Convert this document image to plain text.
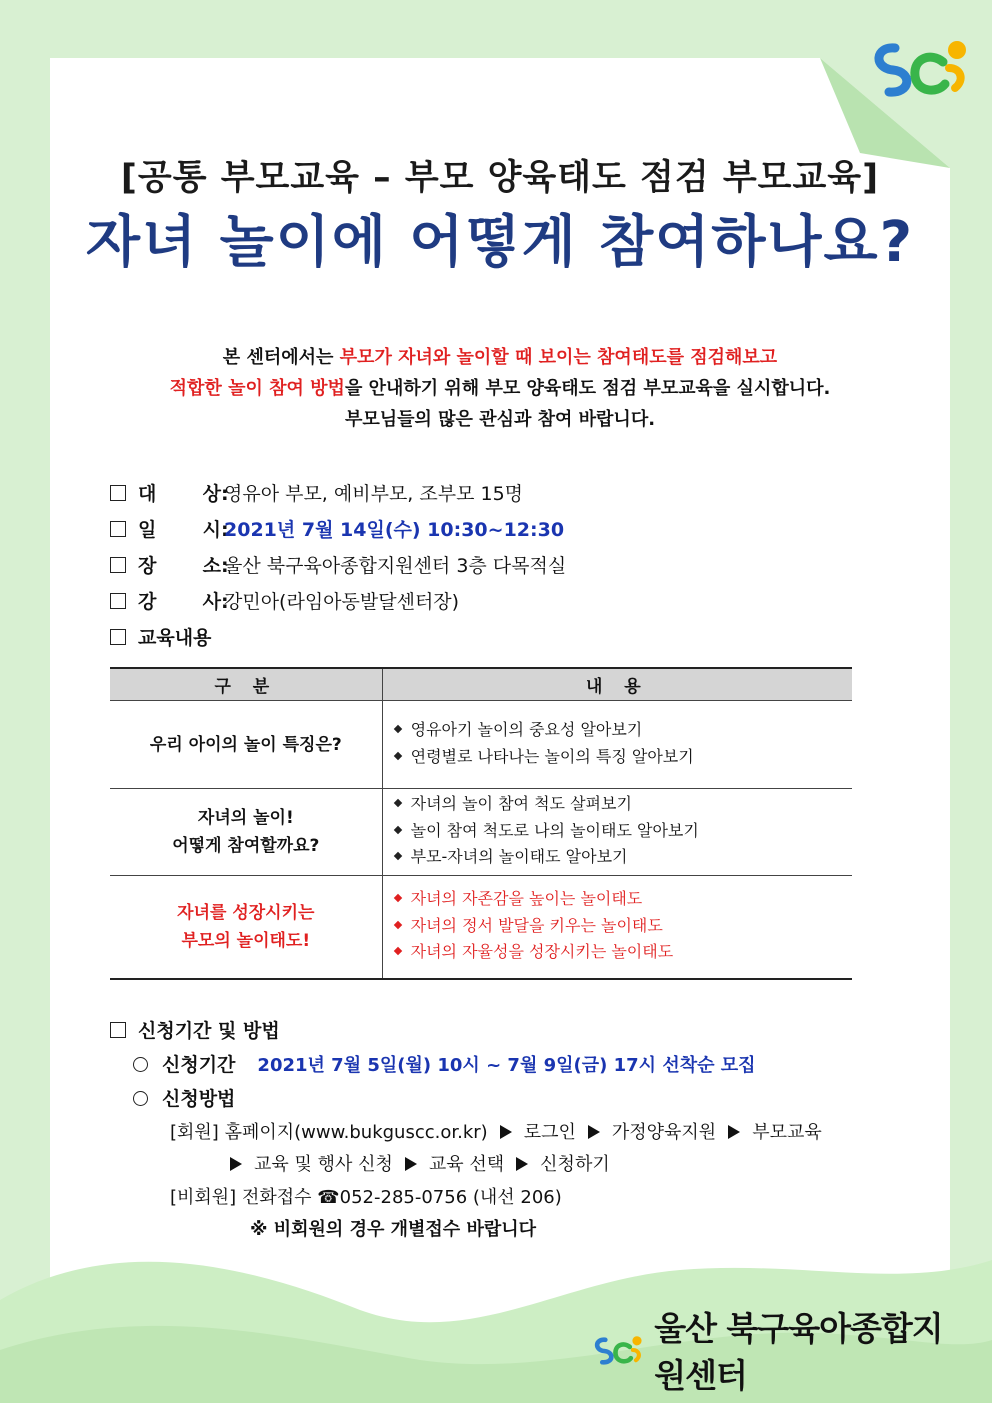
[공통 부모교육 – 부모 양육태도 점검 부모교육]
자녀 놀이에 어떻게 참여하나요?
본 센터에서는 부모가 자녀와 놀이할 때 보이는 참여태도를 점검해보고
적합한 놀이 참여 방법을 안내하기 위해 부모 양육태도 점검 부모교육을 실시합니다.
부모님들의 많은 관심과 참여 바랍니다.
대       상:영유아 부모, 예비부모, 조부모 15명
일       시:2021년 7월 14일(수) 10:30~12:30
장       소:울산 북구육아종합지원센터 3층 다목적실
강       사:강민아(라임아동발달센터장)
교육내용
구 분	내 용
우리 아이의 놀이 특징은?
영유아기 놀이의 중요성 알아보기
연령별로 나타나는 놀이의 특징 알아보기
자녀의 놀이!
어떻게 참여할까요?
자녀의 놀이 참여 척도 살펴보기
놀이 참여 척도로 나의 놀이태도 알아보기
부모-자녀의 놀이태도 알아보기
자녀를 성장시키는
부모의 놀이태도!
자녀의 자존감을 높이는 놀이태도
자녀의 정서 발달을 키우는 놀이태도
자녀의 자율성을 성장시키는 놀이태도
신청기간 및 방법
신청기간 2021년 7월 5일(월) 10시 ~ 7월 9일(금) 17시 선착순 모집
신청방법
[회원] 홈페이지(www.bukguscc.or.kr) 로그인 가정양육지원 부모교육
교육 및 행사 신청 교육 선택 신청하기
[비회원] 전화접수 ☎052-285-0756 (내선 206)
※ 비회원의 경우 개별접수 바랍니다
울산 북구육아종합지원센터
